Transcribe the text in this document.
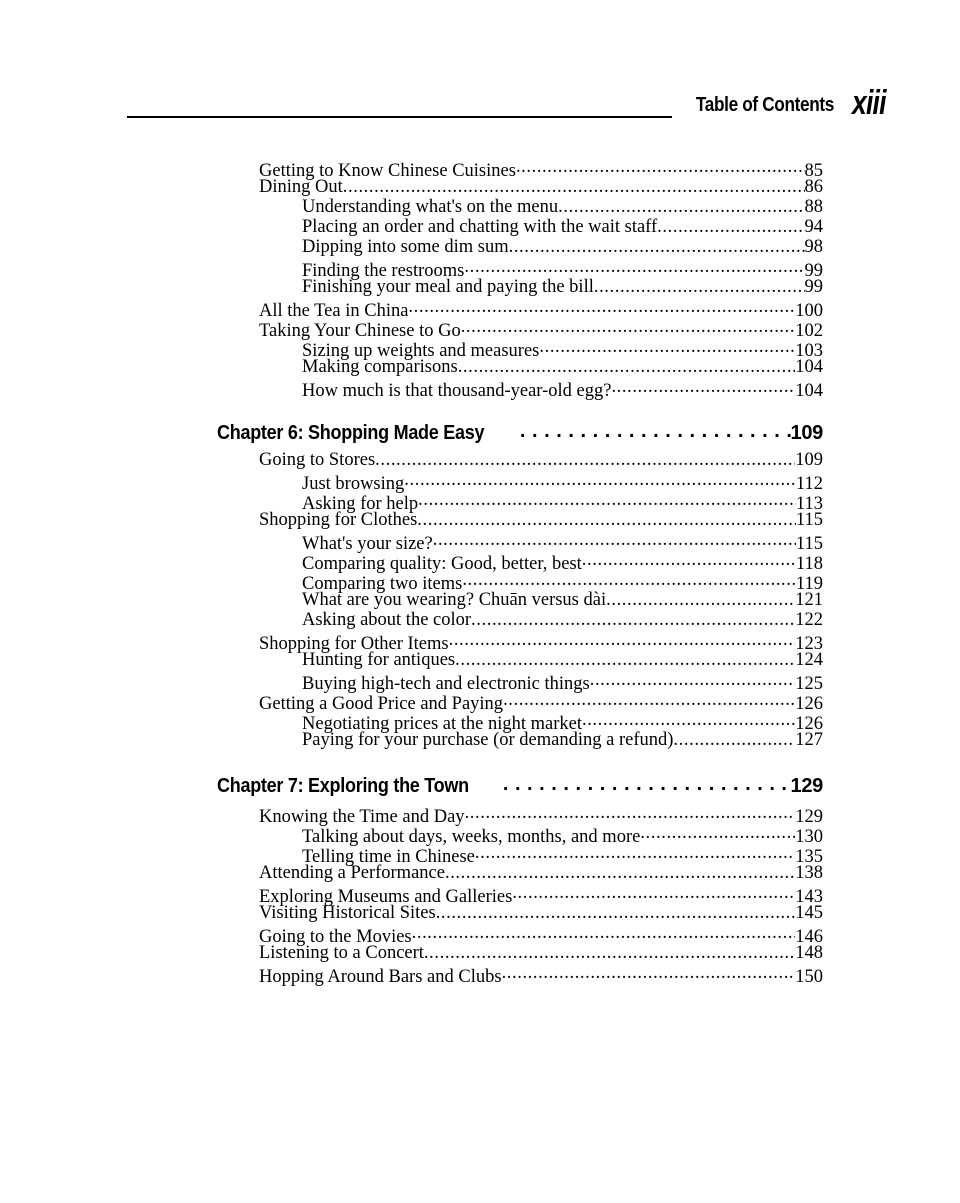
Table of Contents xiii
Getting to Know Chinese Cuisines .....	85
Dining Out .....	86
Understanding what's on the menu .....	88
Placing an order and chatting with the wait staff .....	94
Dipping into some dim sum .....	98
Finding the restrooms .....	99
Finishing your meal and paying the bill .....	99
All the Tea in China .....	100
Taking Your Chinese to Go .....	102
Sizing up weights and measures .....	103
Making comparisons .....	104
How much is that thousand-year-old egg? .....	104
Chapter 6: Shopping Made Easy . . .	109
Going to Stores .....	109
Just browsing .....	112
Asking for help .....	113
Shopping for Clothes .....	115
What's your size? .....	115
Comparing quality: Good, better, best .....	118
Comparing two items .....	119
What are you wearing? Chuān versus dài .....	121
Asking about the color .....	122
Shopping for Other Items .....	123
Hunting for antiques .....	124
Buying high-tech and electronic things .....	125
Getting a Good Price and Paying .....	126
Negotiating prices at the night market .....	126
Paying for your purchase (or demanding a refund) .....	127
Chapter 7: Exploring the Town . . .	129
Knowing the Time and Day .....	129
Talking about days, weeks, months, and more .....	130
Telling time in Chinese .....	135
Attending a Performance .....	138
Exploring Museums and Galleries .....	143
Visiting Historical Sites .....	145
Going to the Movies .....	146
Listening to a Concert .....	148
Hopping Around Bars and Clubs .....	150
